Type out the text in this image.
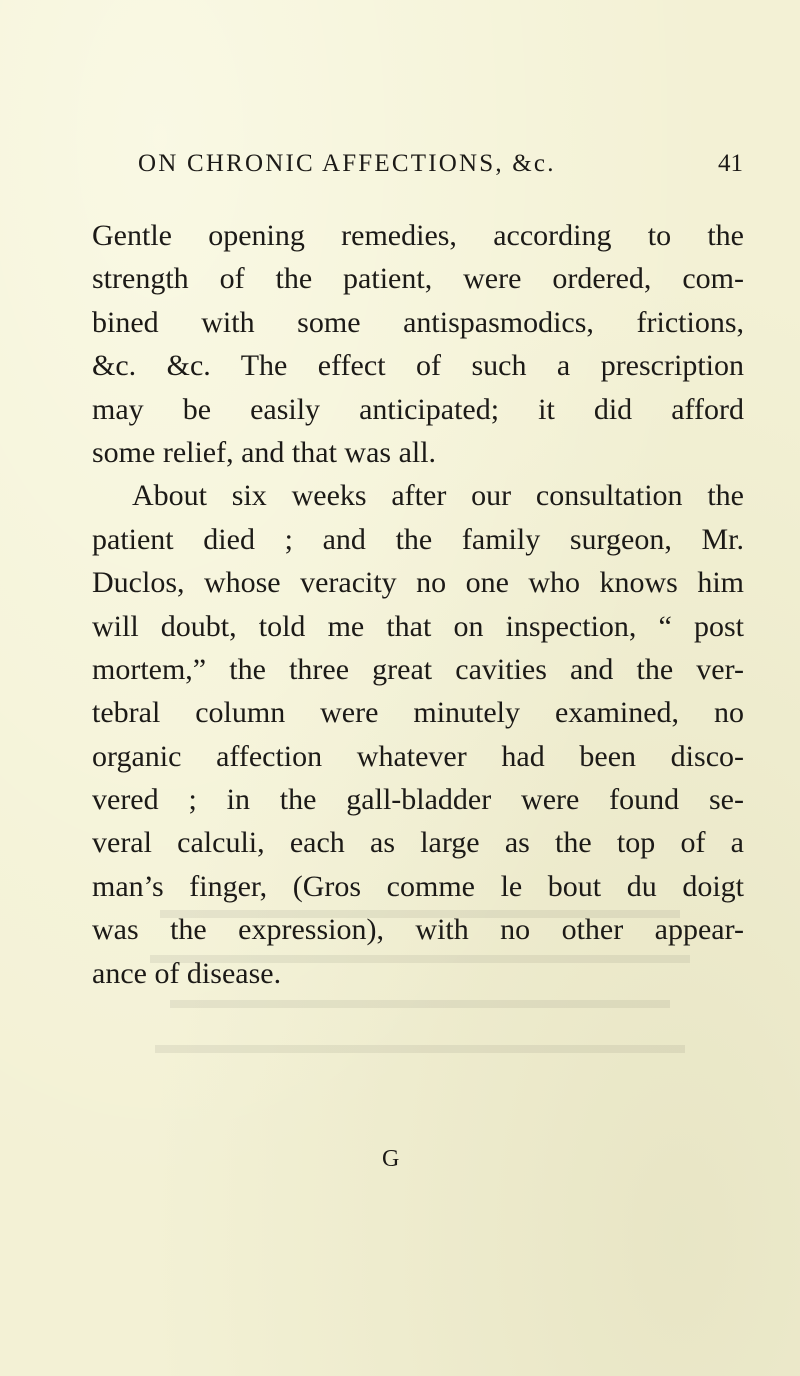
ON CHRONIC AFFECTIONS, &c.	41
Gentle opening remedies, according to the
strength of the patient, were ordered, com-
bined with some antispasmodics, frictions,
&c. &c. The effect of such a prescription
may be easily anticipated; it did afford
some relief, and that was all.
About six weeks after our consultation the
patient died ; and the family surgeon, Mr.
Duclos, whose veracity no one who knows him
will doubt, told me that on inspection, “ post
mortem,” the three great cavities and the ver-
tebral column were minutely examined, no
organic affection whatever had been disco-
vered ; in the gall-bladder were found se-
veral calculi, each as large as the top of a
man’s finger, (Gros comme le bout du doigt
was the expression), with no other appear-
ance of disease.
G
